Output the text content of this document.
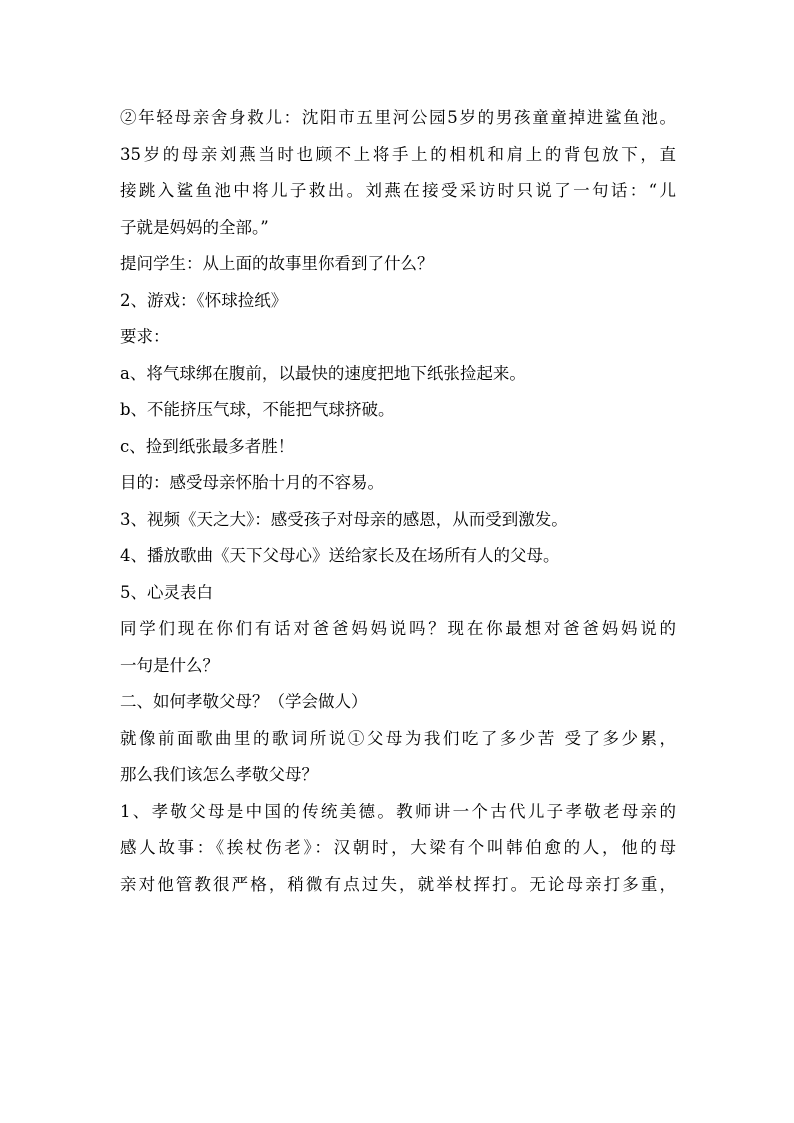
②年轻母亲舍身救儿：沈阳市五里河公园5岁的男孩童童掉进鲨鱼池。
35岁的母亲刘燕当时也顾不上将手上的相机和肩上的背包放下，直
接跳入鲨鱼池中将儿子救出。刘燕在接受采访时只说了一句话：“儿
子就是妈妈的全部。”
提问学生：从上面的故事里你看到了什么？
2、游戏：《怀球捡纸》
要求：
a、将气球绑在腹前，以最快的速度把地下纸张捡起来。
b、不能挤压气球，不能把气球挤破。
c、捡到纸张最多者胜！
目的：感受母亲怀胎十月的不容易。
3、视频《天之大》：感受孩子对母亲的感恩，从而受到激发。
4、播放歌曲《天下父母心》送给家长及在场所有人的父母。
5、心灵表白
同学们现在你们有话对爸爸妈妈说吗？现在你最想对爸爸妈妈说的
一句是什么？
二、如何孝敬父母？（学会做人）
就像前面歌曲里的歌词所说①父母为我们吃了多少苦 受了多少累，
那么我们该怎么孝敬父母？
1、孝敬父母是中国的传统美德。教师讲一个古代儿子孝敬老母亲的
感人故事：《挨杖伤老》：汉朝时，大梁有个叫韩伯愈的人，他的母
亲对他管教很严格，稍微有点过失，就举杖挥打。无论母亲打多重，
